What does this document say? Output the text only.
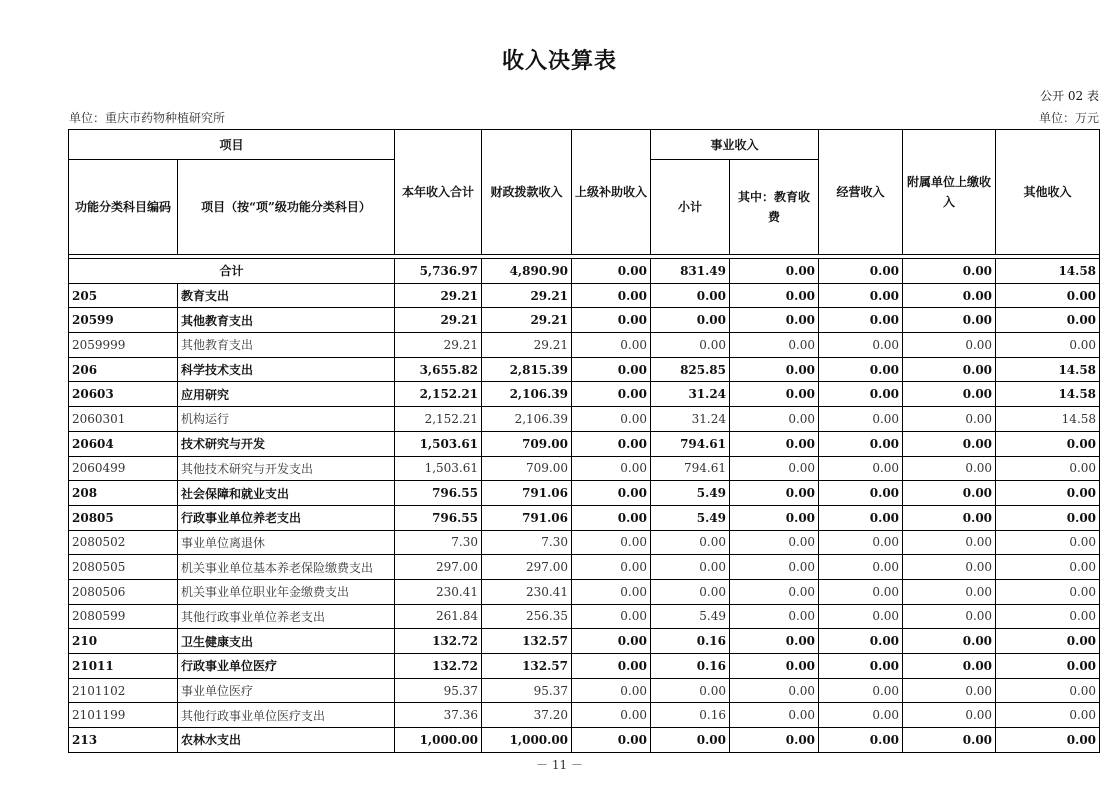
收入决算表
公开 02 表
单位：重庆市药物种植研究所	单位：万元
项目		本年收入合计	财政拨款收入	上级补助收入	事业收入		经营收入	附属单位上缴收入	其他收入
功能分类科目编码	项目（按“项”级功能分类科目）				小计	其中：教育收费			

合计		5,736.97	4,890.90	0.00	831.49	0.00	0.00	0.00	14.58
205	教育支出	29.21	29.21	0.00	0.00	0.00	0.00	0.00	0.00
20599	其他教育支出	29.21	29.21	0.00	0.00	0.00	0.00	0.00	0.00
2059999	其他教育支出	29.21	29.21	0.00	0.00	0.00	0.00	0.00	0.00
206	科学技术支出	3,655.82	2,815.39	0.00	825.85	0.00	0.00	0.00	14.58
20603	应用研究	2,152.21	2,106.39	0.00	31.24	0.00	0.00	0.00	14.58
2060301	机构运行	2,152.21	2,106.39	0.00	31.24	0.00	0.00	0.00	14.58
20604	技术研究与开发	1,503.61	709.00	0.00	794.61	0.00	0.00	0.00	0.00
2060499	其他技术研究与开发支出	1,503.61	709.00	0.00	794.61	0.00	0.00	0.00	0.00
208	社会保障和就业支出	796.55	791.06	0.00	5.49	0.00	0.00	0.00	0.00
20805	行政事业单位养老支出	796.55	791.06	0.00	5.49	0.00	0.00	0.00	0.00
2080502	事业单位离退休	7.30	7.30	0.00	0.00	0.00	0.00	0.00	0.00
2080505	机关事业单位基本养老保险缴费支出	297.00	297.00	0.00	0.00	0.00	0.00	0.00	0.00
2080506	机关事业单位职业年金缴费支出	230.41	230.41	0.00	0.00	0.00	0.00	0.00	0.00
2080599	其他行政事业单位养老支出	261.84	256.35	0.00	5.49	0.00	0.00	0.00	0.00
210	卫生健康支出	132.72	132.57	0.00	0.16	0.00	0.00	0.00	0.00
21011	行政事业单位医疗	132.72	132.57	0.00	0.16	0.00	0.00	0.00	0.00
2101102	事业单位医疗	95.37	95.37	0.00	0.00	0.00	0.00	0.00	0.00
2101199	其他行政事业单位医疗支出	37.36	37.20	0.00	0.16	0.00	0.00	0.00	0.00
213	农林水支出	1,000.00	1,000.00	0.00	0.00	0.00	0.00	0.00	0.00
－ 11 －
